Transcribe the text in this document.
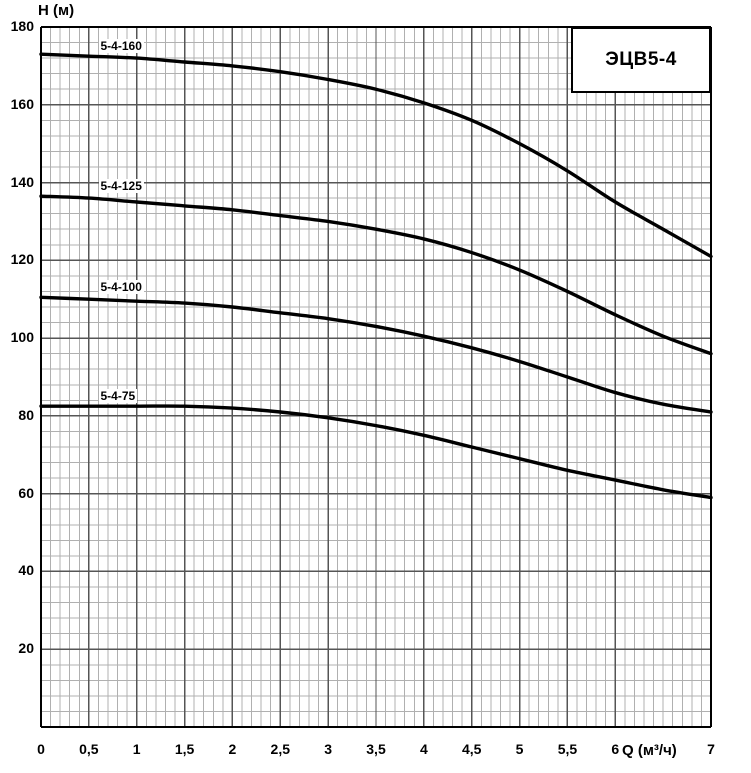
H (м)
Q (м³/ч)
ЭЦВ5-4
5-4-160
5-4-125
5-4-100
5-4-75
20
40
60
80
100
120
140
160
180
0	0,5	1	1,5	2	2,5	3	3,5	4	4,5	5	5,5	6	7
